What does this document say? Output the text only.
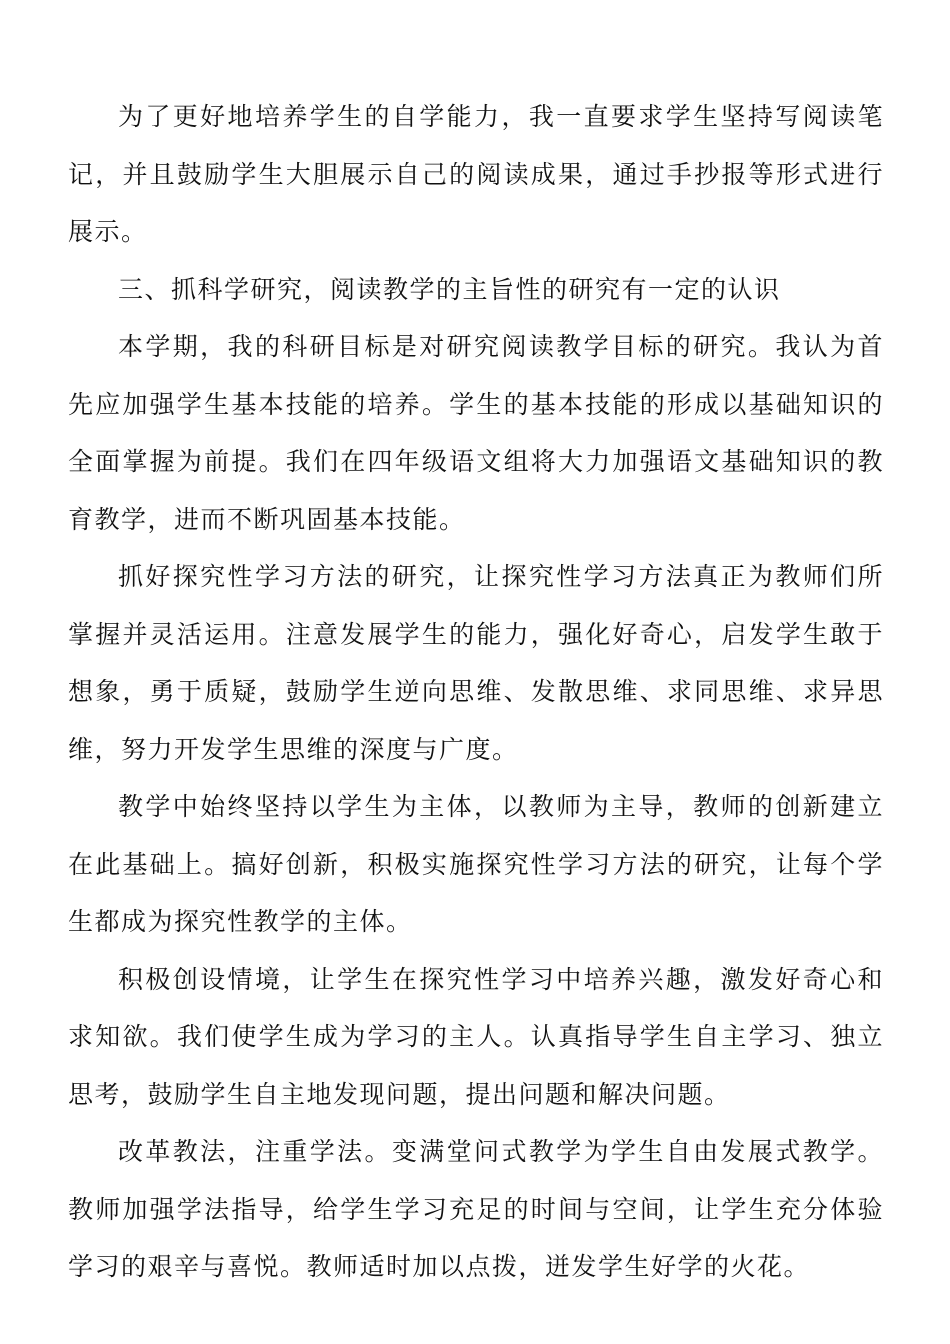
为了更好地培养学生的自学能力，我一直要求学生坚持写阅读笔记，并且鼓励学生大胆展示自己的阅读成果，通过手抄报等形式进行展示。

三、抓科学研究，阅读教学的主旨性的研究有一定的认识

本学期，我的科研目标是对研究阅读教学目标的研究。我认为首先应加强学生基本技能的培养。学生的基本技能的形成以基础知识的全面掌握为前提。我们在四年级语文组将大力加强语文基础知识的教育教学，进而不断巩固基本技能。

抓好探究性学习方法的研究，让探究性学习方法真正为教师们所掌握并灵活运用。注意发展学生的能力，强化好奇心，启发学生敢于想象，勇于质疑，鼓励学生逆向思维、发散思维、求同思维、求异思维，努力开发学生思维的深度与广度。

教学中始终坚持以学生为主体，以教师为主导，教师的创新建立在此基础上。搞好创新，积极实施探究性学习方法的研究，让每个学生都成为探究性教学的主体。

积极创设情境，让学生在探究性学习中培养兴趣，激发好奇心和求知欲。我们使学生成为学习的主人。认真指导学生自主学习、独立思考，鼓励学生自主地发现问题，提出问题和解决问题。

改革教法，注重学法。变满堂问式教学为学生自由发展式教学。教师加强学法指导，给学生学习充足的时间与空间，让学生充分体验学习的艰辛与喜悦。教师适时加以点拨，迸发学生好学的火花。
